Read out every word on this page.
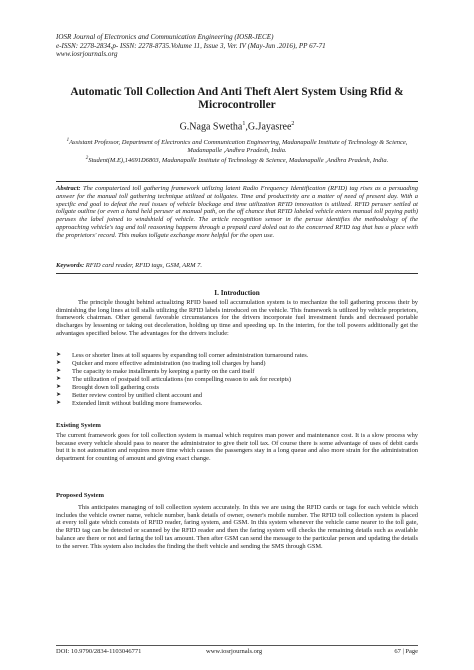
IOSR Journal of Electronics and Communication Engineering (IOSR-JECE)
e-ISSN: 2278-2834,p- ISSN: 2278-8735.Volume 11, Issue 3, Ver. IV (May-Jun .2016), PP 67-71
www.iosrjournals.org
Automatic Toll Collection And Anti Theft Alert System Using Rfid & Microcontroller
G.Naga Swetha$^1$,G.Jayasree$^2$
$^1$Assistant Professor, Department of Electronics and Communication Engineering, Madanapalle Institute of Technology & Science, Madanapalle ,Andhra Pradesh, India.
$^2$Student(M.E),14691D6803, Madanapalle Institute of Technology & Science, Madanapalle ,Andhra Pradesh, India.
Abstract: The computerized toll gathering framework utilizing latent Radio Frequency Identification (RFID) tag rises as a persuading answer for the manual toll gathering technique utilized at tollgates. Time and productivity are a matter of need of present day. With a specific end goal to defeat the real issues of vehicle blockage and time utilization RFID innovation is utilized. RFID peruser settled at tollgate outline (or even a hand held peruser at manual path, on the off chance that RFID labeled vehicle enters manual toll paying path) peruses the label joined to windshield of vehicle. The article recognition sensor in the peruse identifies the methodology of the approaching vehicle's tag and toll reasoning happens through a prepaid card doled out to the concerned RFID tag that has a place with the proprietors' record. This makes tollgate exchange more helpful for the open use.
Keywords: RFID card reader, RFID tags, GSM, ARM 7.
I. Introduction
The principle thought behind actualizing RFID based toll accumulation system is to mechanize the toll gathering process their by diminishing the long lines at toll stalls utilizing the RFID labels introduced on the vehicle. This framework is utilized by vehicle proprietors, framework chairman. Other general favorable circumstances for the drivers incorporate fuel investment funds and decreased portable discharges by lessening or taking out deceleration, holding up time and speeding up. In the interim, for the toll powers additionally get the advantages specified below. The advantages for the drivers include:
➤ Less or shorter lines at toll squares by expanding toll corner administration turnaround rates.
➤ Quicker and more effective administration (no trading toll charges by hand)
➤ The capacity to make installments by keeping a parity on the card itself
➤ The utilization of postpaid toll articulations (no compelling reason to ask for receipts)
➤ Brought down toll gathering costs
➤ Better review control by unified client account and
➤ Extended limit without building more frameworks.
Existing System
The current framework goes for toll collection system is manual which requires man power and maintenance cost. It is a slow process why because every vehicle should pass to nearer the administrator to give their toll tax. Of course there is some advantage of uses of debit cards but it is not automation and requires more time which causes the passengers stay in a long queue and also more strain for the administration department for counting of amount and giving exact change.
Proposed System
This anticipates managing of toll collection system accurately. In this we are using the RFID cards or tags for each vehicle which includes the vehicle owner name, vehicle number, bank details of owner, owner's mobile number. The RFID toll collection system is placed at every toll gate which consists of RFID reader, faring system, and GSM. In this system whenever the vehicle came nearer to the toll gate, the RFID tag can be detected or scanned by the RFID reader and then the faring system will checks the remaining details such as available balance are there or not and faring the toll tax amount. Then after GSM can send the message to the particular person and updating the details to the server. This system also includes the finding the theft vehicle and sending the SMS through GSM.
DOI: 10.9790/2834-1103046771	www.iosrjournals.org	67 | Page
